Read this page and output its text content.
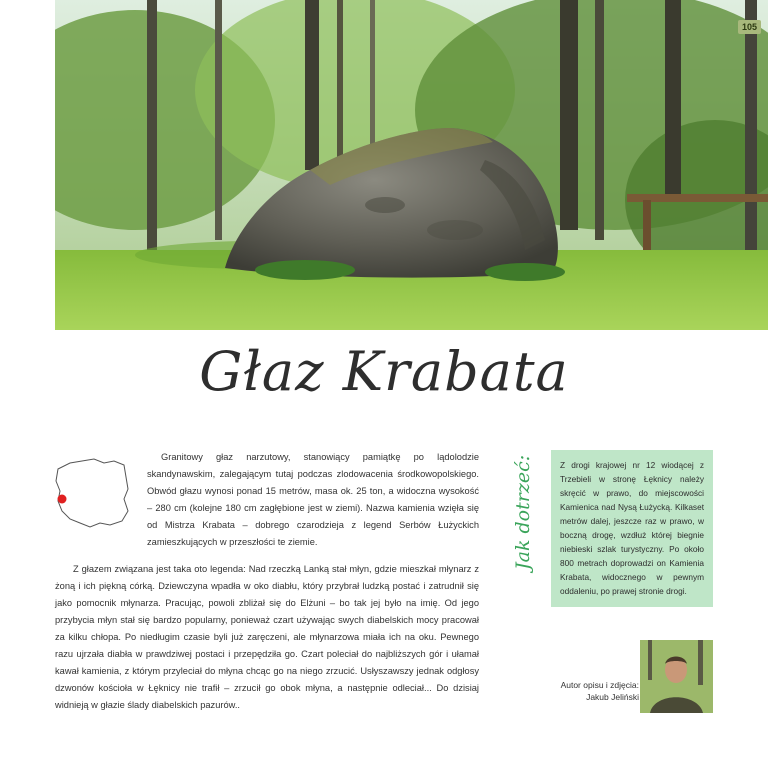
105
Głaz Krabata
Granitowy głaz narzutowy, stanowiący pamiątkę po lądolodzie skandynawskim, zalegającym tutaj podczas zlodowacenia środkowopolskiego. Obwód głazu wynosi ponad 15 metrów, masa ok. 25 ton, a widoczna wysokość – 280 cm (kolejne 180 cm zagłębione jest w ziemi). Nazwa kamienia wzięła się od Mistrza Krabata – dobrego czarodzieja z legend Serbów Łużyckich zamieszkujących w przeszłości te ziemie.
Z głazem związana jest taka oto legenda: Nad rzeczką Lanką stał młyn, gdzie mieszkał młynarz z żoną i ich piękną córką. Dziewczyna wpadła w oko diabłu, który przybrał ludzką postać i zatrudnił się jako pomocnik młynarza. Pracując, powoli zbliżał się do Elżuni – bo tak jej było na imię. Od jego przybycia młyn stał się bardzo popularny, ponieważ czart używając swych diabelskich mocy pracował za kilku chłopa. Po niedługim czasie byli już zaręczeni, ale młynarzowa miała ich na oku. Pewnego razu ujrzała diabła w prawdziwej postaci i przepędziła go. Czart poleciał do najbliższych gór i ułamał kawał kamienia, z którym przyleciał do młyna chcąc go na niego zrzucić. Usłyszawszy jednak odgłosy dzwonów kościoła w Łęknicy nie trafił – zrzucił go obok młyna, a następnie odleciał... Do dzisiaj widnieją w głazie ślady diabelskich pazurów..
Jak dotrzeć:	Z drogi krajowej nr 12 wiodącej z Trzebieli w stronę Łęknicy należy skręcić w prawo, do miejscowości Kamienica nad Nysą Łużycką. Kilkaset metrów dalej, jeszcze raz w prawo, w boczną drogę, wzdłuż której biegnie niebieski szlak turystyczny. Po około 800 metrach doprowadzi on Kamienia Krabata, widocznego w pewnym oddaleniu, po prawej stronie drogi.
Autor opisu i zdjęcia:
Jakub Jeliński
